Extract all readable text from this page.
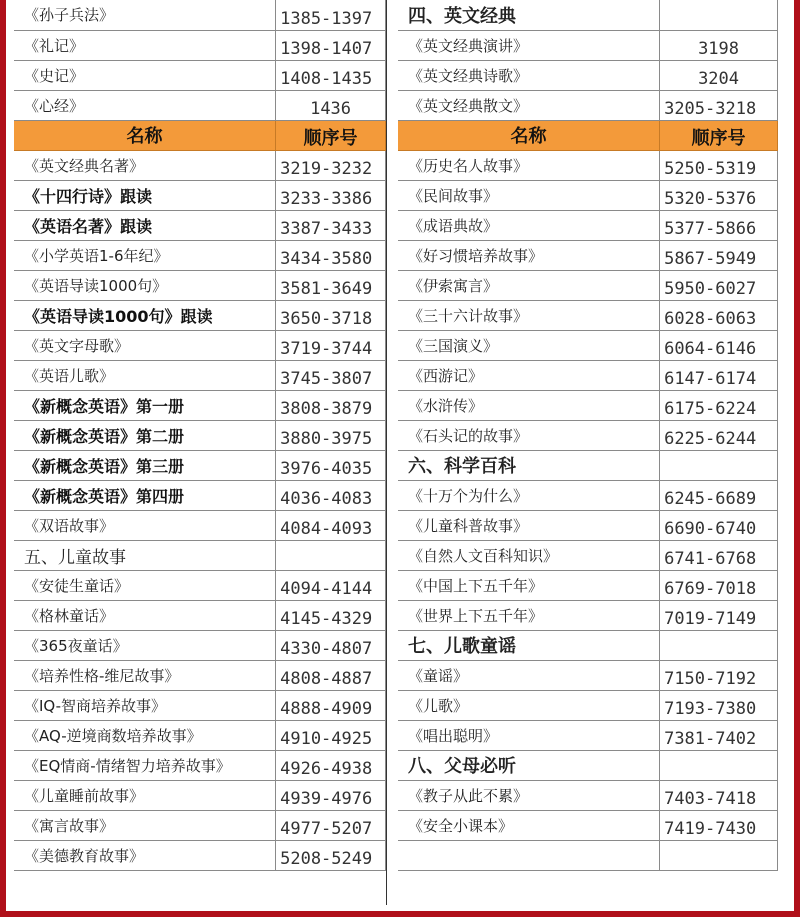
《孙子兵法》	1385-1397
《礼记》	1398-1407
《史记》	1408-1435
《心经》	1436
名称	顺序号
《英文经典名著》	3219-3232
《十四行诗》跟读	3233-3386
《英语名著》跟读	3387-3433
《小学英语1-6年纪》	3434-3580
《英语导读1000句》	3581-3649
《英语导读1000句》跟读	3650-3718
《英文字母歌》	3719-3744
《英语儿歌》	3745-3807
《新概念英语》第一册	3808-3879
《新概念英语》第二册	3880-3975
《新概念英语》第三册	3976-4035
《新概念英语》第四册	4036-4083
《双语故事》	4084-4093
五、儿童故事	
《安徒生童话》	4094-4144
《格林童话》	4145-4329
《365夜童话》	4330-4807
《培养性格-维尼故事》	4808-4887
《IQ-智商培养故事》	4888-4909
《AQ-逆境商数培养故事》	4910-4925
《EQ情商-情绪智力培养故事》	4926-4938
《儿童睡前故事》	4939-4976
《寓言故事》	4977-5207
《美德教育故事》	5208-5249
四、英文经典	
《英文经典演讲》	3198
《英文经典诗歌》	3204
《英文经典散文》	3205-3218
名称	顺序号
《历史名人故事》	5250-5319
《民间故事》	5320-5376
《成语典故》	5377-5866
《好习惯培养故事》	5867-5949
《伊索寓言》	5950-6027
《三十六计故事》	6028-6063
《三国演义》	6064-6146
《西游记》	6147-6174
《水浒传》	6175-6224
《石头记的故事》	6225-6244
六、科学百科	
《十万个为什么》	6245-6689
《儿童科普故事》	6690-6740
《自然人文百科知识》	6741-6768
《中国上下五千年》	6769-7018
《世界上下五千年》	7019-7149
七、儿歌童谣	
《童谣》	7150-7192
《儿歌》	7193-7380
《唱出聪明》	7381-7402
八、父母必听	
《教子从此不累》	7403-7418
《安全小课本》	7419-7430
